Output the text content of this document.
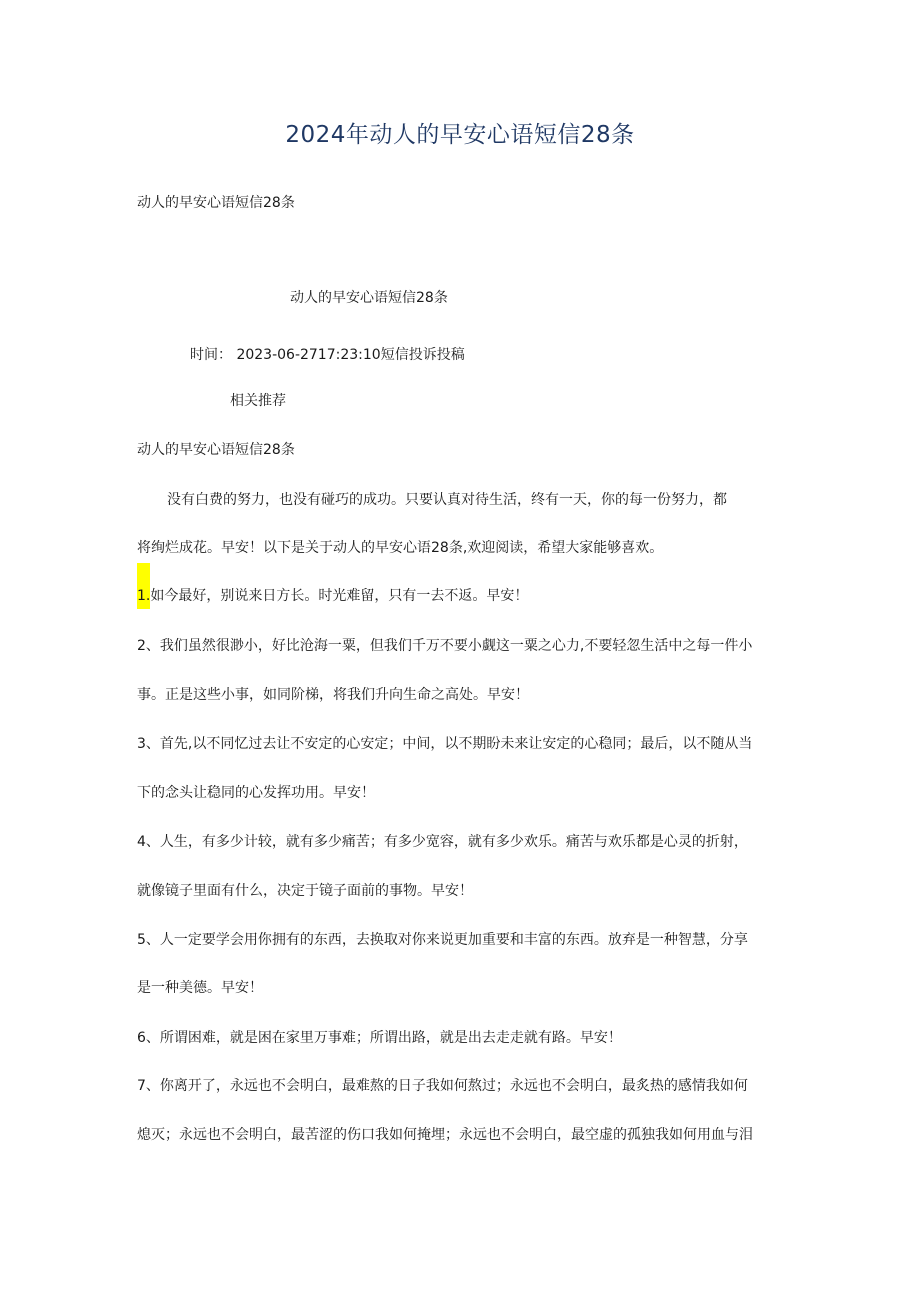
2024年动人的早安心语短信28条

动人的早安心语短信28条

动人的早安心语短信28条

时间： 2023-06-2717:23:10短信投诉投稿

相关推荐

动人的早安心语短信28条

没有白费的努力，也没有碰巧的成功。只要认真对待生活，终有一天，你的每一份努力，都

将绚烂成花。早安！以下是关于动人的早安心语28条,欢迎阅读，希望大家能够喜欢。

1.如今最好，别说来日方长。时光难留，只有一去不返。早安！

2、我们虽然很渺小，好比沧海一粟，但我们千万不要小觑这一粟之心力,不要轻忽生活中之每一件小

事。正是这些小事，如同阶梯，将我们升向生命之高处。早安！

3、首先,以不同忆过去让不安定的心安定；中间，以不期盼未来让安定的心稳同；最后，以不随从当

下的念头让稳同的心发挥功用。早安！

4、人生，有多少计较，就有多少痛苦；有多少宽容，就有多少欢乐。痛苦与欢乐都是心灵的折射，

就像镜子里面有什么，决定于镜子面前的事物。早安！

5、人一定要学会用你拥有的东西，去换取对你来说更加重要和丰富的东西。放弃是一种智慧，分享

是一种美德。早安！

6、所谓困难，就是困在家里万事难；所谓出路，就是出去走走就有路。早安！

7、你离开了，永远也不会明白，最难熬的日子我如何熬过；永远也不会明白，最炙热的感情我如何

熄灭；永远也不会明白，最苦涩的伤口我如何掩埋；永远也不会明白，最空虚的孤独我如何用血与泪
